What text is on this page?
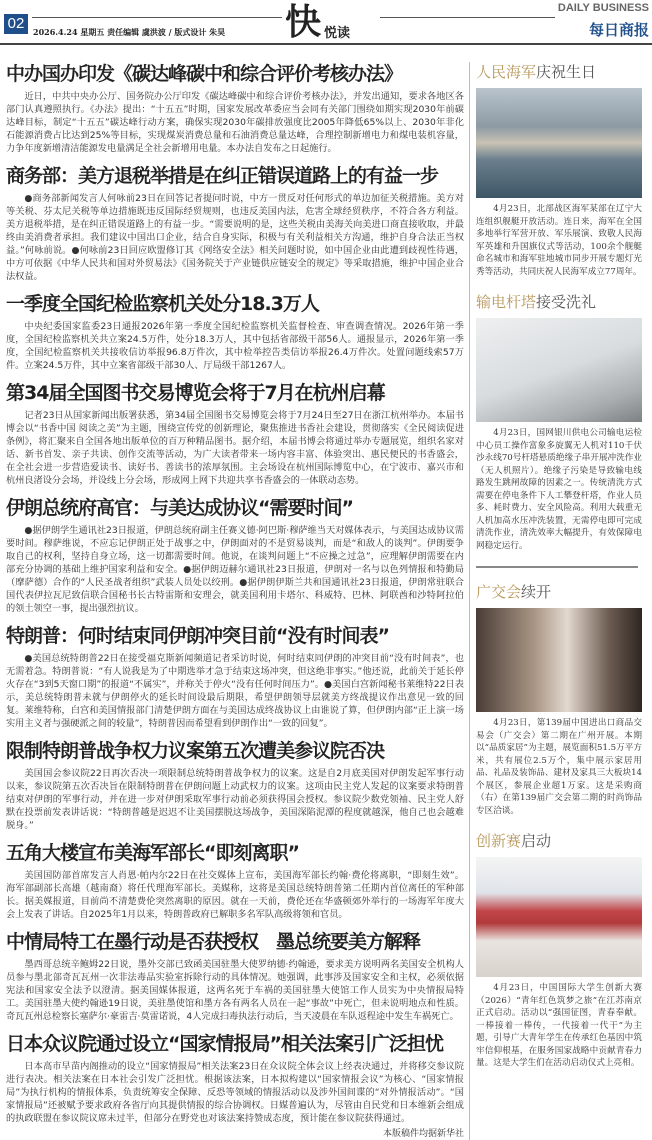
02	2026.4.24 星期五 责任编辑 虞洪波 / 版式设计 朱昊 快 悦读
DAILY BUSINESS
每日商报
中办国办印发《碳达峰碳中和综合评价考核办法》

近日，中共中央办公厅、国务院办公厅印发《碳达峰碳中和综合评价考核办法》，并发出通知，要求各地区各部门认真遵照执行。《办法》提出：“十五五”时期，国家发展改革委应当会同有关部门围绕如期实现2030年前碳达峰目标，制定“十五五”碳达峰行动方案，确保实现2030年碳排放强度比2005年降低65%以上、2030年非化石能源消费占比达到25%等目标，实现煤炭消费总量和石油消费总量达峰，合理控制新增电力和煤电装机容量，力争年度新增清洁能源发电量满足全社会新增用电量。本办法自发布之日起施行。

商务部：美方退税举措是在纠正错误道路上的有益一步

●商务部新闻发言人何咏前23日在回答记者提问时说，中方一贯反对任何形式的单边加征关税措施。美方对等关税、芬太尼关税等单边措施既违反国际经贸规则，也违反美国内法，危害全球经贸秩序，不符合各方利益。美方退税举措，是在纠正错误道路上的有益一步。“需要说明的是，这些关税由美海关向美进口商直接收取，并最终由美消费者承担。我们建议中国出口企业，结合自身实际，积极与有关利益相关方沟通，维护自身合法正当权益。”何咏前说。●何咏前23日回应欧盟修订其《网络安全法》相关问题时说，如中国企业由此遭到歧视性待遇，中方可依据《中华人民共和国对外贸易法》《国务院关于产业链供应链安全的规定》等采取措施，维护中国企业合法权益。

一季度全国纪检监察机关处分18.3万人

中央纪委国家监委23日通报2026年第一季度全国纪检监察机关监督检查、审查调查情况。2026年第一季度，全国纪检监察机关共立案24.5万件，处分18.3万人，其中包括省部级干部56人。通报显示，2026年第一季度，全国纪检监察机关共接收信访举报96.8万件次，其中检举控告类信访举报26.4万件次。处置问题线索57万件。立案24.5万件，其中立案省部级干部30人、厅局级干部1267人。

第34届全国图书交易博览会将于7月在杭州启幕

记者23日从国家新闻出版署获悉，第34届全国图书交易博览会将于7月24日至27日在浙江杭州举办。本届书博会以“书香中国 阅读之美”为主题，围绕宣传党的创新理论，聚焦推进书香社会建设，贯彻落实《全民阅读促进条例》，将汇聚来自全国各地出版单位的百万种精品图书。据介绍，本届书博会将通过举办专题展览，组织名家对话、新书首发、亲子共读、创作交流等活动，为广大读者带来一场内容丰富、体验突出、惠民便民的书香盛会，在全社会进一步营造爱读书、读好书、善读书的浓厚氛围。主会场设在杭州国际博览中心，在宁波市、嘉兴市和杭州良渚设分会场，并设线上分会场，形成网上网下共迎共享书香盛会的一体联动态势。

伊朗总统府高官：与美达成协议“需要时间”

●据伊朗学生通讯社23日报道，伊朗总统府副主任赛义德·阿巴斯·穆萨维当天对媒体表示，与美国达成协议需要时间。穆萨维说，不应忘记伊朗正处于战事之中，伊朗面对的不是贸易谈判，而是“和敌人的谈判”。伊朗要争取自己的权利，坚持自身立场，这一切都需要时间。他说，在谈判问题上“不应操之过急”，应理解伊朗需要在内部充分协调的基础上维护国家利益和安全。●据伊朗迈赫尔通讯社23日报道，伊朗对一名与以色列情报和特勤局（摩萨德）合作的“人民圣战者组织”武装人员处以绞刑。●据伊朗伊斯兰共和国通讯社23日报道，伊朗常驻联合国代表伊拉瓦尼致信联合国秘书长古特雷斯和安理会，就美国利用卡塔尔、科威特、巴林、阿联酋和沙特阿拉伯的领土领空一事，提出强烈抗议。

特朗普：何时结束同伊朗冲突目前“没有时间表”

●美国总统特朗普22日在接受福克斯新闻频道记者采访时说，何时结束同伊朗的冲突目前“没有时间表”，也无需着急。特朗普说：“有人说我是为了中期选举才急于结束这场冲突，但这绝非事实。”他还说，此前关于延长停火存在“3到5天窗口期”的报道“不属实”，并称关于停火“没有任何时间压力”。●美国白宫新闻秘书莱维特22日表示，美总统特朗普未就与伊朗停火的延长时间设最后期限，希望伊朗领导层就美方终战提议作出意见一致的回复。莱维特称，白宫和美国情报部门清楚伊朗方面在与美国达成终战协议上由谁说了算，但伊朗内部“正上演一场实用主义者与强硬派之间的较量”，特朗普因而希望看到伊朗作出“一致的回复”。

限制特朗普战争权力议案第五次遭美参议院否决

美国国会参议院22日再次否决一项限制总统特朗普战争权力的议案。这是自2月底美国对伊朗发起军事行动以来，参议院第五次否决旨在限制特朗普在伊朗问题上动武权力的议案。这项由民主党人发起的议案要求特朗普结束对伊朗的军事行动，并在进一步对伊朗采取军事行动前必须获得国会授权。参议院少数党领袖、民主党人舒默在投票前发表讲话说：“特朗普越是迟迟不让美国摆脱这场战争，美国深陷泥潭的程度就越深，他自己也会越难脱身。”

五角大楼宣布美海军部长“即刻离职”

美国国防部首席发言人肖恩·帕内尔22日在社交媒体上宣布，美国海军部长约翰·费伦将离职，“即刻生效”。海军部副部长高雄（越南裔）将任代理海军部长。美媒称，这将是美国总统特朗普第二任期内首位离任的军种部长。据美媒报道，目前尚不清楚费伦突然离职的原因。就在一天前，费伦还在华盛顿郊外举行的一场海军年度大会上发表了讲话。自2025年1月以来，特朗普政府已解职多名军队高级将领和官员。

中情局特工在墨行动是否获授权　墨总统要美方解释

墨西哥总统辛鲍姆22日说，墨外交部已致函美国驻墨大使罗纳德·约翰逊，要求美方说明两名美国安全机构人员参与墨北部奇瓦瓦州一次非法毒品实验室拆除行动的具体情况。她强调，此事涉及国家安全和主权，必须依据宪法和国家安全法予以澄清。据美国媒体报道，这两名死于车祸的美国驻墨大使馆工作人员实为中央情报局特工。美国驻墨大使约翰逊19日说，美驻墨使馆和墨方各有两名人员在一起“事故”中死亡，但未说明地点和性质。奇瓦瓦州总检察长塞萨尔·豪雷吉·莫雷诺说，4人完成扫毒执法行动后，当天凌晨在车队返程途中发生车祸死亡。

日本众议院通过设立“国家情报局”相关法案引广泛担忧

日本高市早苗内阁推动的设立“国家情报局”相关法案23日在众议院全体会议上经表决通过，并将移交参议院进行表决。相关法案在日本社会引发广泛担忧。根据该法案，日本拟构建以“国家情报会议”为核心、“国家情报局”为执行机构的情报体系，负责统筹安全保障、反恐等领域的情报活动以及涉外国间谍的“对外情报活动”。“国家情报局”还被赋予要求政府各省厅向其提供情报的综合协调权。日媒普遍认为，尽管由自民党和日本维新会组成的执政联盟在参议院议席未过半，但部分在野党也对该法案持赞成态度，预计能在参议院获得通过。

本版稿件均据新华社
人民海军庆祝生日
4月23日，北部战区海军某部在辽宁大连组织舰艇开放活动。连日来，海军在全国多地举行军营开放、军乐展演、致敬人民海军英雄和升国旗仪式等活动，100余个舰艇命名城市和海军驻地城市同步开展专题灯光秀等活动，共同庆祝人民海军成立77周年。
输电杆塔接受洗礼
4月23日，国网银川供电公司输电运检中心员工操作富象多旋翼无人机对110千伏沙永线70号杆塔悬质绝缘子串开展冲洗作业（无人机照片）。绝缘子污染是导致输电线路发生跳闸故障的因素之一。传统清洗方式需要在停电条件下人工攀登杆塔，作业人员多、耗时费力、安全风险高。利用大载重无人机加高水压冲洗装置，无需停电即可完成清洗作业，清洗效率大幅提升，有效保障电网稳定运行。
广交会续开
4月23日，第139届中国进出口商品交易会（广交会）第二期在广州开展。本期以“品质家居”为主题，展览面积51.5万平方米，共有展位2.5万个，集中展示家居用品、礼品及装饰品、建材及家具三大板块14个展区，参展企业超1万家。这是采购商（右）在第139届广交会第二期的时尚饰品专区洽谈。
创新赛启动
4月23日，中国国际大学生创新大赛（2026）“青年红色筑梦之旅”在江苏南京正式启动。活动以“强国征图，青春奉献。一棒接着一棒传，一代接着一代干”为主题，引导广大青年学生在传承红色基因中筑牢信仰根基，在服务国家战略中贡献青春力量。这是大学生们在活动启动仪式上亮相。
